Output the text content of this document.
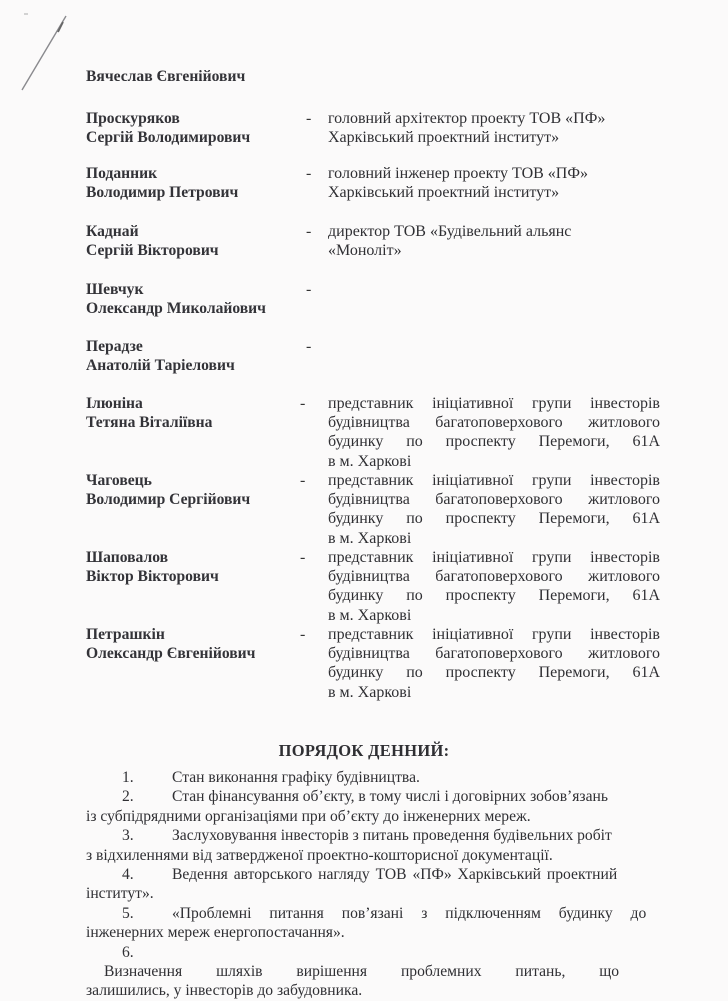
Вячеслав Євгенійович
Проскуряков
Сергій Володимирович
- головний архітектор проекту ТОВ «ПФ»
Харківський проектний інститут»
Поданник
Володимир Петрович
- головний інженер проекту ТОВ «ПФ»
Харківський проектний інститут»
Каднай
Сергій Вікторович
- директор ТОВ «Будівельний альянс
«Моноліт»
Шевчук
Олександр Миколайович
-
Перадзе
Анатолій Таріелович
-
Ілюніна
Тетяна Віталіївна
- представник ініціативної групи інвесторів
будівництва багатоповерхового житлового
будинку по проспекту Перемоги, 61А
в м. Харкові
Чаговець
Володимир Сергійович
- представник ініціативної групи інвесторів
будівництва багатоповерхового житлового
будинку по проспекту Перемоги, 61А
в м. Харкові
Шаповалов
Віктор Вікторович
- представник ініціативної групи інвесторів
будівництва багатоповерхового житлового
будинку по проспекту Перемоги, 61А
в м. Харкові
Петрашкін
Олександр Євгенійович
- представник ініціативної групи інвесторів
будівництва багатоповерхового житлового
будинку по проспекту Перемоги, 61А
в м. Харкові
ПОРЯДОК ДЕННИЙ:
1. Стан виконання графіку будівництва.
2. Стан фінансування об’єкту, в тому числі і договірних зобов’язань
із субпідрядними організаціями при об’єкту до інженерних мереж.
3. Заслуховування інвесторів з питань проведення будівельних робіт
з відхиленнями від затвердженої проектно-кошторисної документації.
4. Ведення авторського нагляду ТОВ «ПФ» Харківський проектний
інститут».
5. «Проблемні питання пов’язані з підключенням будинку до
інженерних мереж енергопостачання».
6.Визначення шляхів вирішення проблемних питань, що
залишились, у інвесторів до забудовника.
